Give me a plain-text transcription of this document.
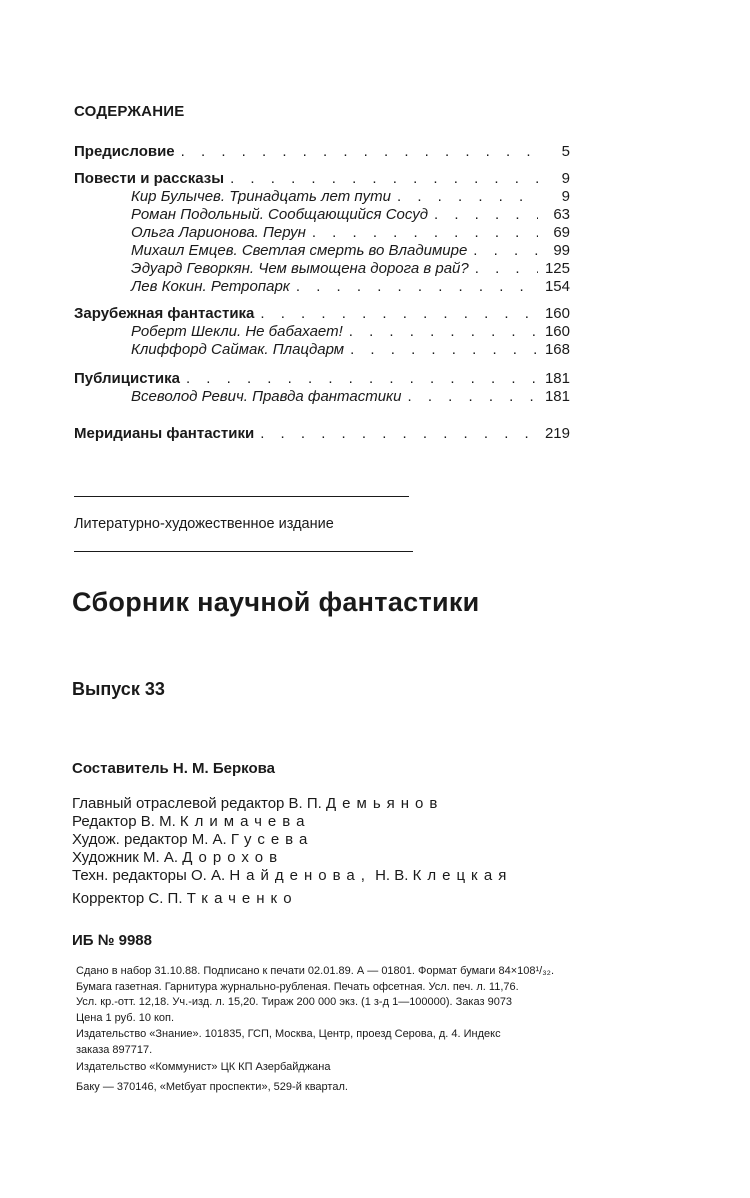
СОДЕРЖАНИЕ
Предисловие . . .	5
Повести и рассказы . . .	9
Кир Булычев. Тринадцать лет пути . . .	9
Роман Подольный. Сообщающийся Сосуд . . .	63
Ольга Ларионова. Перун . . .	69
Михаил Емцев. Светлая смерть во Владимире . . .	99
Эдуард Геворкян. Чем вымощена дорога в рай? . . .	125
Лев Кокин. Ретропарк . . .	154
Зарубежная фантастика . . .	160
Роберт Шекли. Не бабахает! . . .	160
Клиффорд Саймак. Плацдарм . . .	168
Публицистика . . .	181
Всеволод Ревич. Правда фантастики . . .	181
Меридианы фантастики . . .	219
Литературно-художественное издание
Сборник научной фантастики
Выпуск 33
Составитель Н. М. Беркова
Главный отраслевой редактор В. П. Демьянов
Редактор В. М. Климачева
Худож. редактор М. А. Гусева
Художник М. А. Дорохов
Техн. редакторы О. А. Найденова, Н. В. Клецкая
Корректор С. П. Ткаченко
ИБ № 9988
Сдано в набор 31.10.88. Подписано к печати 02.01.89. А — 01801. Формат бумаги 84×108¹/₃₂.
Бумага газетная. Гарнитура журнально-рубленая. Печать офсетная. Усл. печ. л. 11,76.
Усл. кр.-отт. 12,18. Уч.-изд. л. 15,20. Тираж 200 000 экз. (1 з-д 1—100000). Заказ 9073
Цена 1 руб. 10 коп.
Издательство «Знание». 101835, ГСП, Москва, Центр, проезд Серова, д. 4. Индекс
заказа 897717.
Издательство «Коммунист» ЦК КП Азербайджана
Баку — 370146, «Мetбуат проспекти», 529-й квартал.
